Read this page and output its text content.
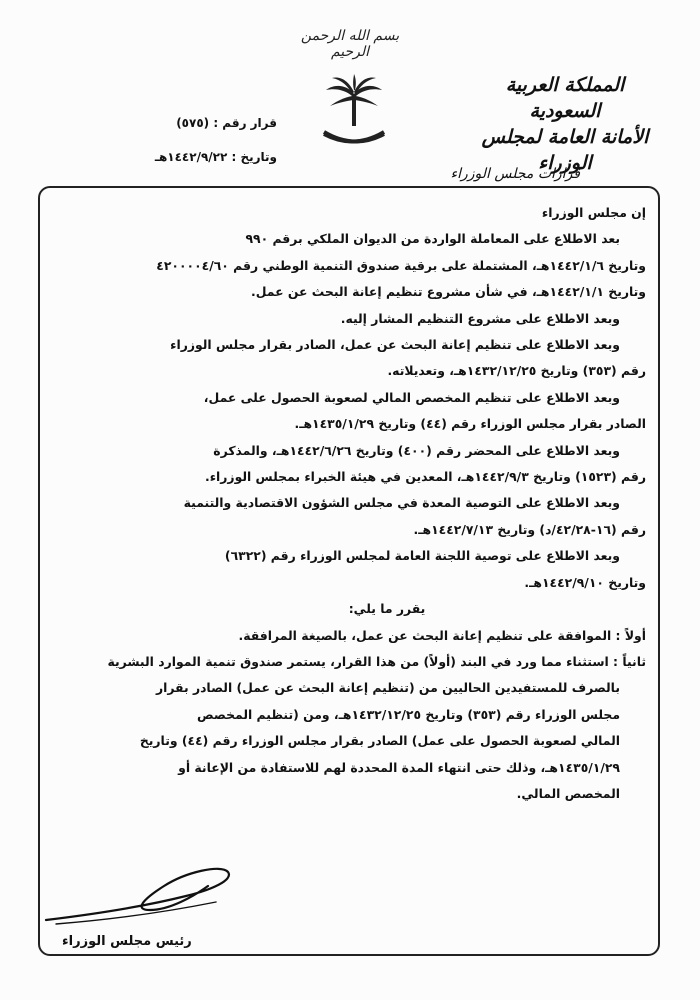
بسم الله الرحمن الرحيم
المملكة العربية السعودية
الأمانة العامة لمجلس الوزراء
قرارات مجلس الوزراء
قرار رقم : (٥٧٥)
وتاريخ : ١٤٤٢/٩/٢٢هـ

إن مجلس الوزراء

بعد الاطلاع على المعاملة الواردة من الديوان الملكي برقم ٩٩٠

وتاريخ ١٤٤٢/١/٦هـ، المشتملة على برقية صندوق التنمية الوطني رقم ٤٢٠٠٠٠٤/٦٠

وتاريخ ١٤٤٢/١/١هـ، في شأن مشروع تنظيم إعانة البحث عن عمل.

وبعد الاطلاع على مشروع التنظيم المشار إليه.

وبعد الاطلاع على تنظيم إعانة البحث عن عمل، الصادر بقرار مجلس الوزراء

رقم (٣٥٣) وتاريخ ١٤٣٢/١٢/٢٥هـ، وتعديلاته.

وبعد الاطلاع على تنظيم المخصص المالي لصعوبة الحصول على عمل،

الصادر بقرار مجلس الوزراء رقم (٤٤) وتاريخ ١٤٣٥/١/٢٩هـ.

وبعد الاطلاع على المحضر رقم (٤٠٠) وتاريخ ١٤٤٢/٦/٢٦هـ، والمذكرة

رقم (١٥٢٣) وتاريخ ١٤٤٢/٩/٣هـ، المعدين في هيئة الخبراء بمجلس الوزراء.

وبعد الاطلاع على التوصية المعدة في مجلس الشؤون الاقتصادية والتنمية

رقم (١٦-٤٢/٢٨/د) وتاريخ ١٤٤٢/٧/١٣هـ.

وبعد الاطلاع على توصية اللجنة العامة لمجلس الوزراء رقم (٦٣٢٢)

وتاريخ ١٤٤٢/٩/١٠هـ.

يقرر ما يلي:

أولاً : الموافقة على تنظيم إعانة البحث عن عمل، بالصيغة المرافقة.

ثانياً : استثناء مما ورد في البند (أولاً) من هذا القرار، يستمر صندوق تنمية الموارد البشرية

بالصرف للمستفيدين الحاليين من (تنظيم إعانة البحث عن عمل) الصادر بقرار

مجلس الوزراء رقم (٣٥٣) وتاريخ ١٤٣٢/١٢/٢٥هـ، ومن (تنظيم المخصص

المالي لصعوبة الحصول على عمل) الصادر بقرار مجلس الوزراء رقم (٤٤) وتاريخ

١٤٣٥/١/٢٩هـ، وذلك حتى انتهاء المدة المحددة لهم للاستفادة من الإعانة أو

المخصص المالي.

رئيس مجلس الوزراء
